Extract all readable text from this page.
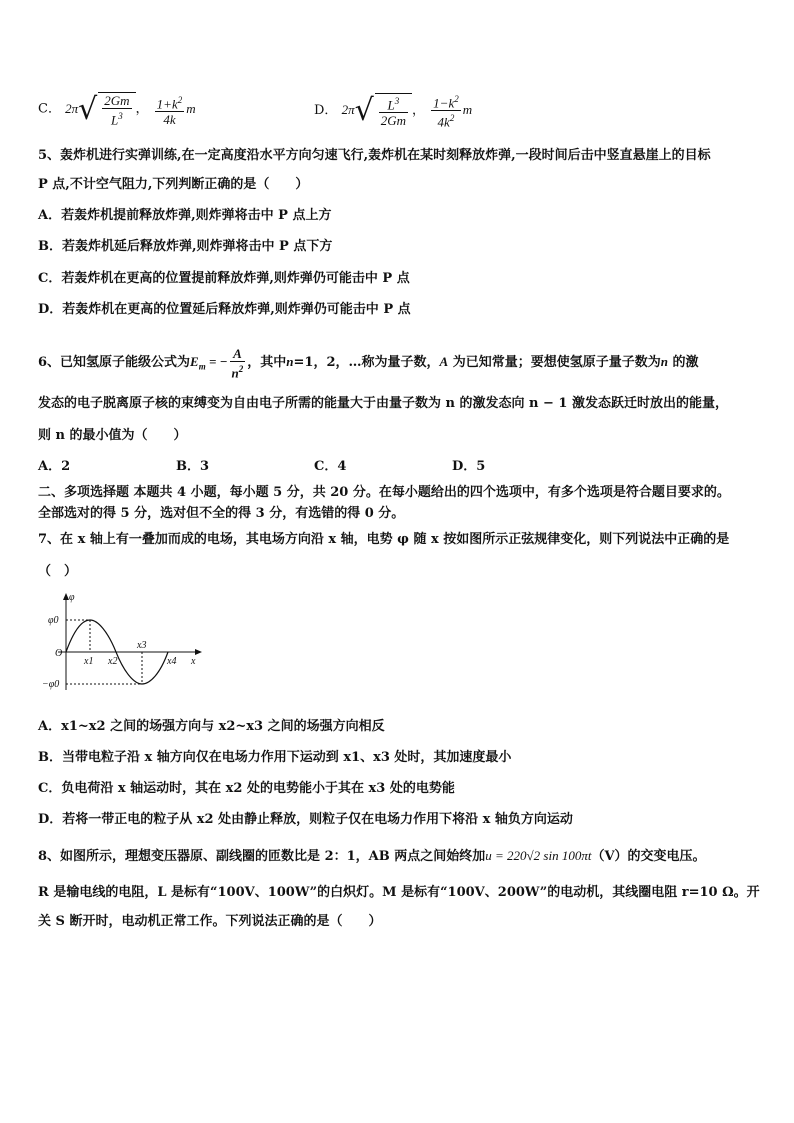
C． $2\pi√ \frac{2Gm}{L^3}$ ， $\frac{1+k^2}{4k}$ m	D． $2\pi√ \frac{L^3}{2Gm}$ ， $\frac{1-k^2}{4k^2}$ m
5、轰炸机进行实弹训练,在一定高度沿水平方向匀速飞行,轰炸机在某时刻释放炸弹,一段时间后击中竖直悬崖上的目标
P 点,不计空气阻力,下列判断正确的是（　　）
A．若轰炸机提前释放炸弹,则炸弹将击中 P 点上方
B．若轰炸机延后释放炸弹,则炸弹将击中 P 点下方
C．若轰炸机在更高的位置提前释放炸弹,则炸弹仍可能击中 P 点
D．若轰炸机在更高的位置延后释放炸弹,则炸弹仍可能击中 P 点
6、已知氢原子能级公式为$E_m$ = − $\frac{A}{n^2}$ ，其中n=1，2，…称为量子数，A 为已知常量；要想使氢原子量子数为n 的激
发态的电子脱离原子核的束缚变为自由电子所需的能量大于由量子数为 n 的激发态向 n − 1 激发态跃迁时放出的能量，
则 n 的最小值为（　　）
A．2	B．3	C．4	D．5
二、多项选择题 本题共 4 小题，每小题 5 分，共 20 分。在每小题给出的四个选项中，有多个选项是符合题目要求的。
全部选对的得 5 分，选对但不全的得 3 分，有选错的得 0 分。
7、在 x 轴上有一叠加而成的电场，其电场方向沿 x 轴，电势 φ 随 x 按如图所示正弦规律变化，则下列说法中正确的是
（　）
φ
φ0
−φ0
O
x1 x2
x3
x4 x
A．x1~x2 之间的场强方向与 x2~x3 之间的场强方向相反
B．当带电粒子沿 x 轴方向仅在电场力作用下运动到 x1、x3 处时，其加速度最小
C．负电荷沿 x 轴运动时，其在 x2 处的电势能小于其在 x3 处的电势能
D．若将一带正电的粒子从 x2 处由静止释放，则粒子仅在电场力作用下将沿 x 轴负方向运动
8、如图所示，理想变压器原、副线圈的匝数比是 2：1，AB 两点之间始终加u = 220√2 sin 100πt（V）的交变电压。
R 是输电线的电阻，L 是标有“100V、100W”的白炽灯。M 是标有“100V、200W”的电动机，其线圈电阻 r=10 Ω。开
关 S 断开时，电动机正常工作。下列说法正确的是（　　）
